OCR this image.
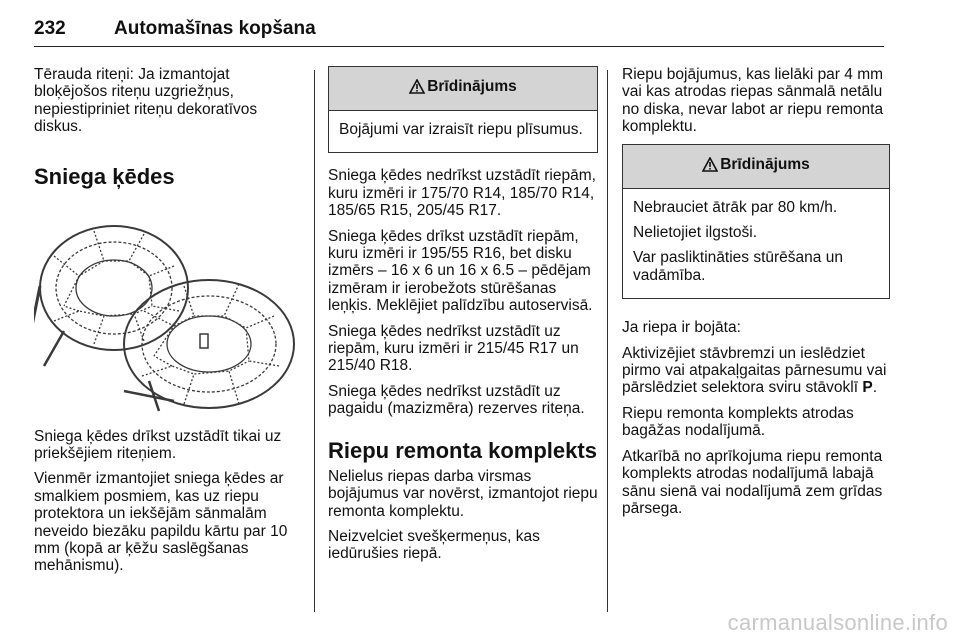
232	Automašīnas kopšana

Tērauda riteņi: Ja izmantojat bloķējošos riteņu uzgriežņus, nepiestipriniet riteņu dekoratīvos diskus.

Sniega ķēdes

Sniega ķēdes drīkst uzstādīt tikai uz priekšējiem riteņiem.

Vienmēr izmantojiet sniega ķēdes ar smalkiem posmiem, kas uz riepu protektora un iekšējām sānmalām neveido biezāku papildu kārtu par 10 mm (kopā ar ķēžu saslēgšanas mehānismu).

Brīdinājums

Bojājumi var izraisīt riepu plīsumus.

Sniega ķēdes nedrīkst uzstādīt riepām, kuru izmēri ir 175/70 R14, 185/70 R14, 185/65 R15, 205/45 R17.

Sniega ķēdes drīkst uzstādīt riepām, kuru izmēri ir 195/55 R16, bet disku izmērs – 16 x 6 un 16 x 6.5 – pēdējam izmēram ir ierobežots stūrēšanas leņķis. Meklējiet palīdzību autoservisā.

Sniega ķēdes nedrīkst uzstādīt uz riepām, kuru izmēri ir 215/45 R17 un 215/40 R18.

Sniega ķēdes nedrīkst uzstādīt uz pagaidu (mazizmēra) rezerves riteņa.

Riepu remonta komplekts

Nelielus riepas darba virsmas bojājumus var novērst, izmantojot riepu remonta komplektu.

Neizvelciet svešķermeņus, kas iedūrušies riepā.

Riepu bojājumus, kas lielāki par 4 mm vai kas atrodas riepas sānmalā netālu no diska, nevar labot ar riepu remonta komplektu.

Brīdinājums

Nebrauciet ātrāk par 80 km/h.

Nelietojiet ilgstoši.

Var pasliktināties stūrēšana un vadāmība.

Ja riepa ir bojāta:

Aktivizējiet stāvbremzi un ieslēdziet pirmo vai atpakaļgaitas pārnesumu vai pārslēdziet selektora sviru stāvoklī P.

Riepu remonta komplekts atrodas bagāžas nodalījumā.

Atkarībā no aprīkojuma riepu remonta komplekts atrodas nodalījumā labajā sānu sienā vai nodalījumā zem grīdas pārsega.

carmanualsonline.info
